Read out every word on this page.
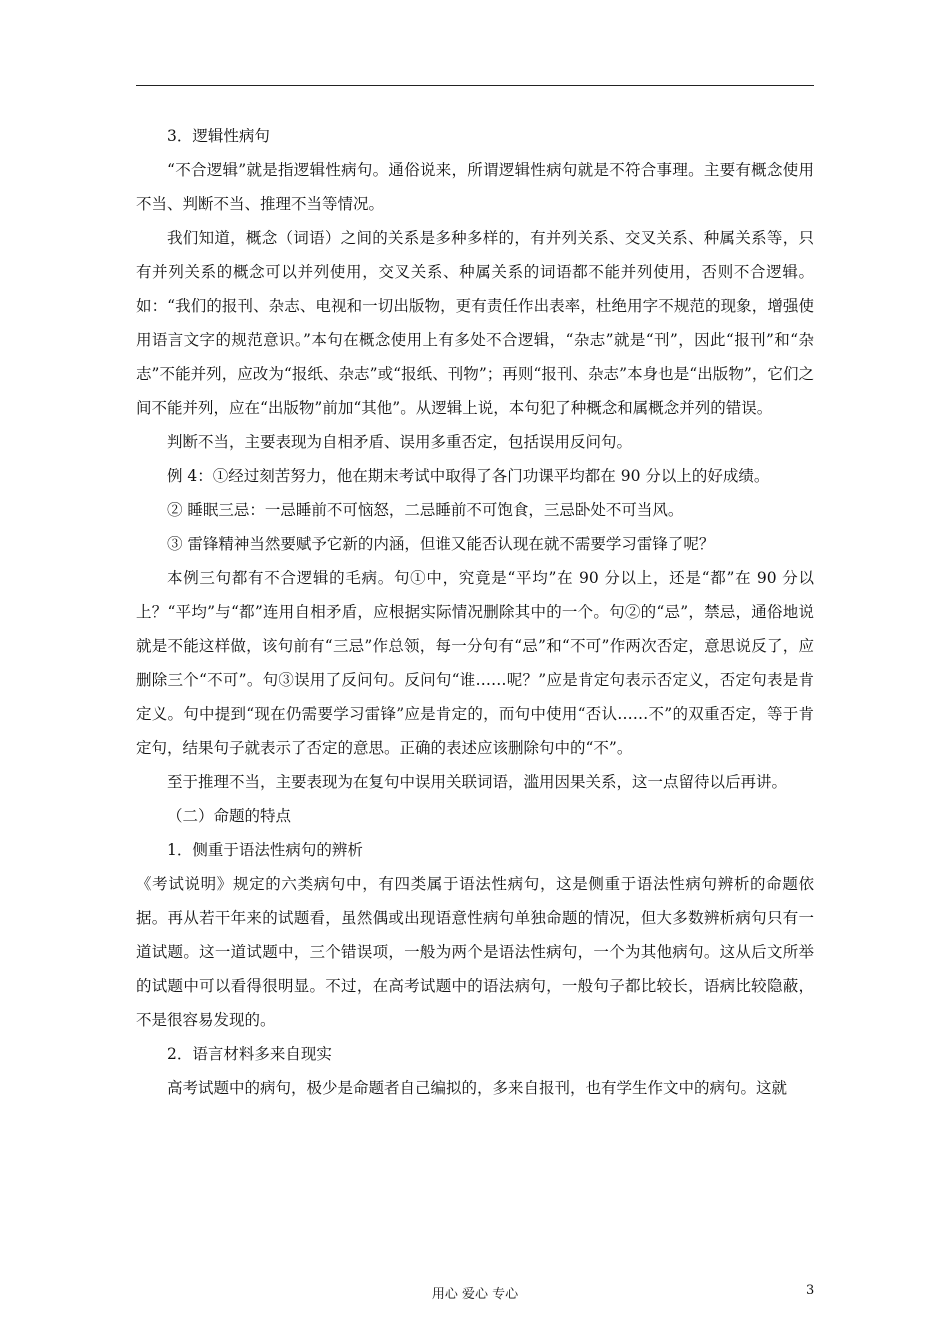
3．逻辑性病句

“不合逻辑”就是指逻辑性病句。通俗说来，所谓逻辑性病句就是不符合事理。主要有概念使用不当、判断不当、推理不当等情况。

我们知道，概念（词语）之间的关系是多种多样的，有并列关系、交叉关系、种属关系等，只有并列关系的概念可以并列使用，交叉关系、种属关系的词语都不能并列使用，否则不合逻辑。如：“我们的报刊、杂志、电视和一切出版物，更有责任作出表率，杜绝用字不规范的现象，增强使用语言文字的规范意识。”本句在概念使用上有多处不合逻辑，“杂志”就是“刊”，因此“报刊”和“杂志”不能并列，应改为“报纸、杂志”或“报纸、刊物”；再则“报刊、杂志”本身也是“出版物”，它们之间不能并列，应在“出版物”前加“其他”。从逻辑上说，本句犯了种概念和属概念并列的错误。

判断不当，主要表现为自相矛盾、误用多重否定，包括误用反问句。

例 4：①经过刻苦努力，他在期末考试中取得了各门功课平均都在 90 分以上的好成绩。

② 睡眠三忌：一忌睡前不可恼怒，二忌睡前不可饱食，三忌卧处不可当风。

③ 雷锋精神当然要赋予它新的内涵，但谁又能否认现在就不需要学习雷锋了呢？

本例三句都有不合逻辑的毛病。句①中，究竟是“平均”在 90 分以上，还是“都”在 90 分以上？“平均”与“都”连用自相矛盾，应根据实际情况删除其中的一个。句②的“忌”，禁忌，通俗地说就是不能这样做，该句前有“三忌”作总领，每一分句有“忌”和“不可”作两次否定，意思说反了，应删除三个“不可”。句③误用了反问句。反问句“谁……呢？”应是肯定句表示否定义，否定句表是肯定义。句中提到“现在仍需要学习雷锋”应是肯定的，而句中使用“否认……不”的双重否定，等于肯定句，结果句子就表示了否定的意思。正确的表述应该删除句中的“不”。

至于推理不当，主要表现为在复句中误用关联词语，滥用因果关系，这一点留待以后再讲。

（二）命题的特点

1．侧重于语法性病句的辨析

《考试说明》规定的六类病句中，有四类属于语法性病句，这是侧重于语法性病句辨析的命题依据。再从若干年来的试题看，虽然偶或出现语意性病句单独命题的情况，但大多数辨析病句只有一道试题。这一道试题中，三个错误项，一般为两个是语法性病句，一个为其他病句。这从后文所举的试题中可以看得很明显。不过，在高考试题中的语法病句，一般句子都比较长，语病比较隐蔽，不是很容易发现的。

2．语言材料多来自现实

高考试题中的病句，极少是命题者自己编拟的，多来自报刊，也有学生作文中的病句。这就

用心 爱心 专心	3
